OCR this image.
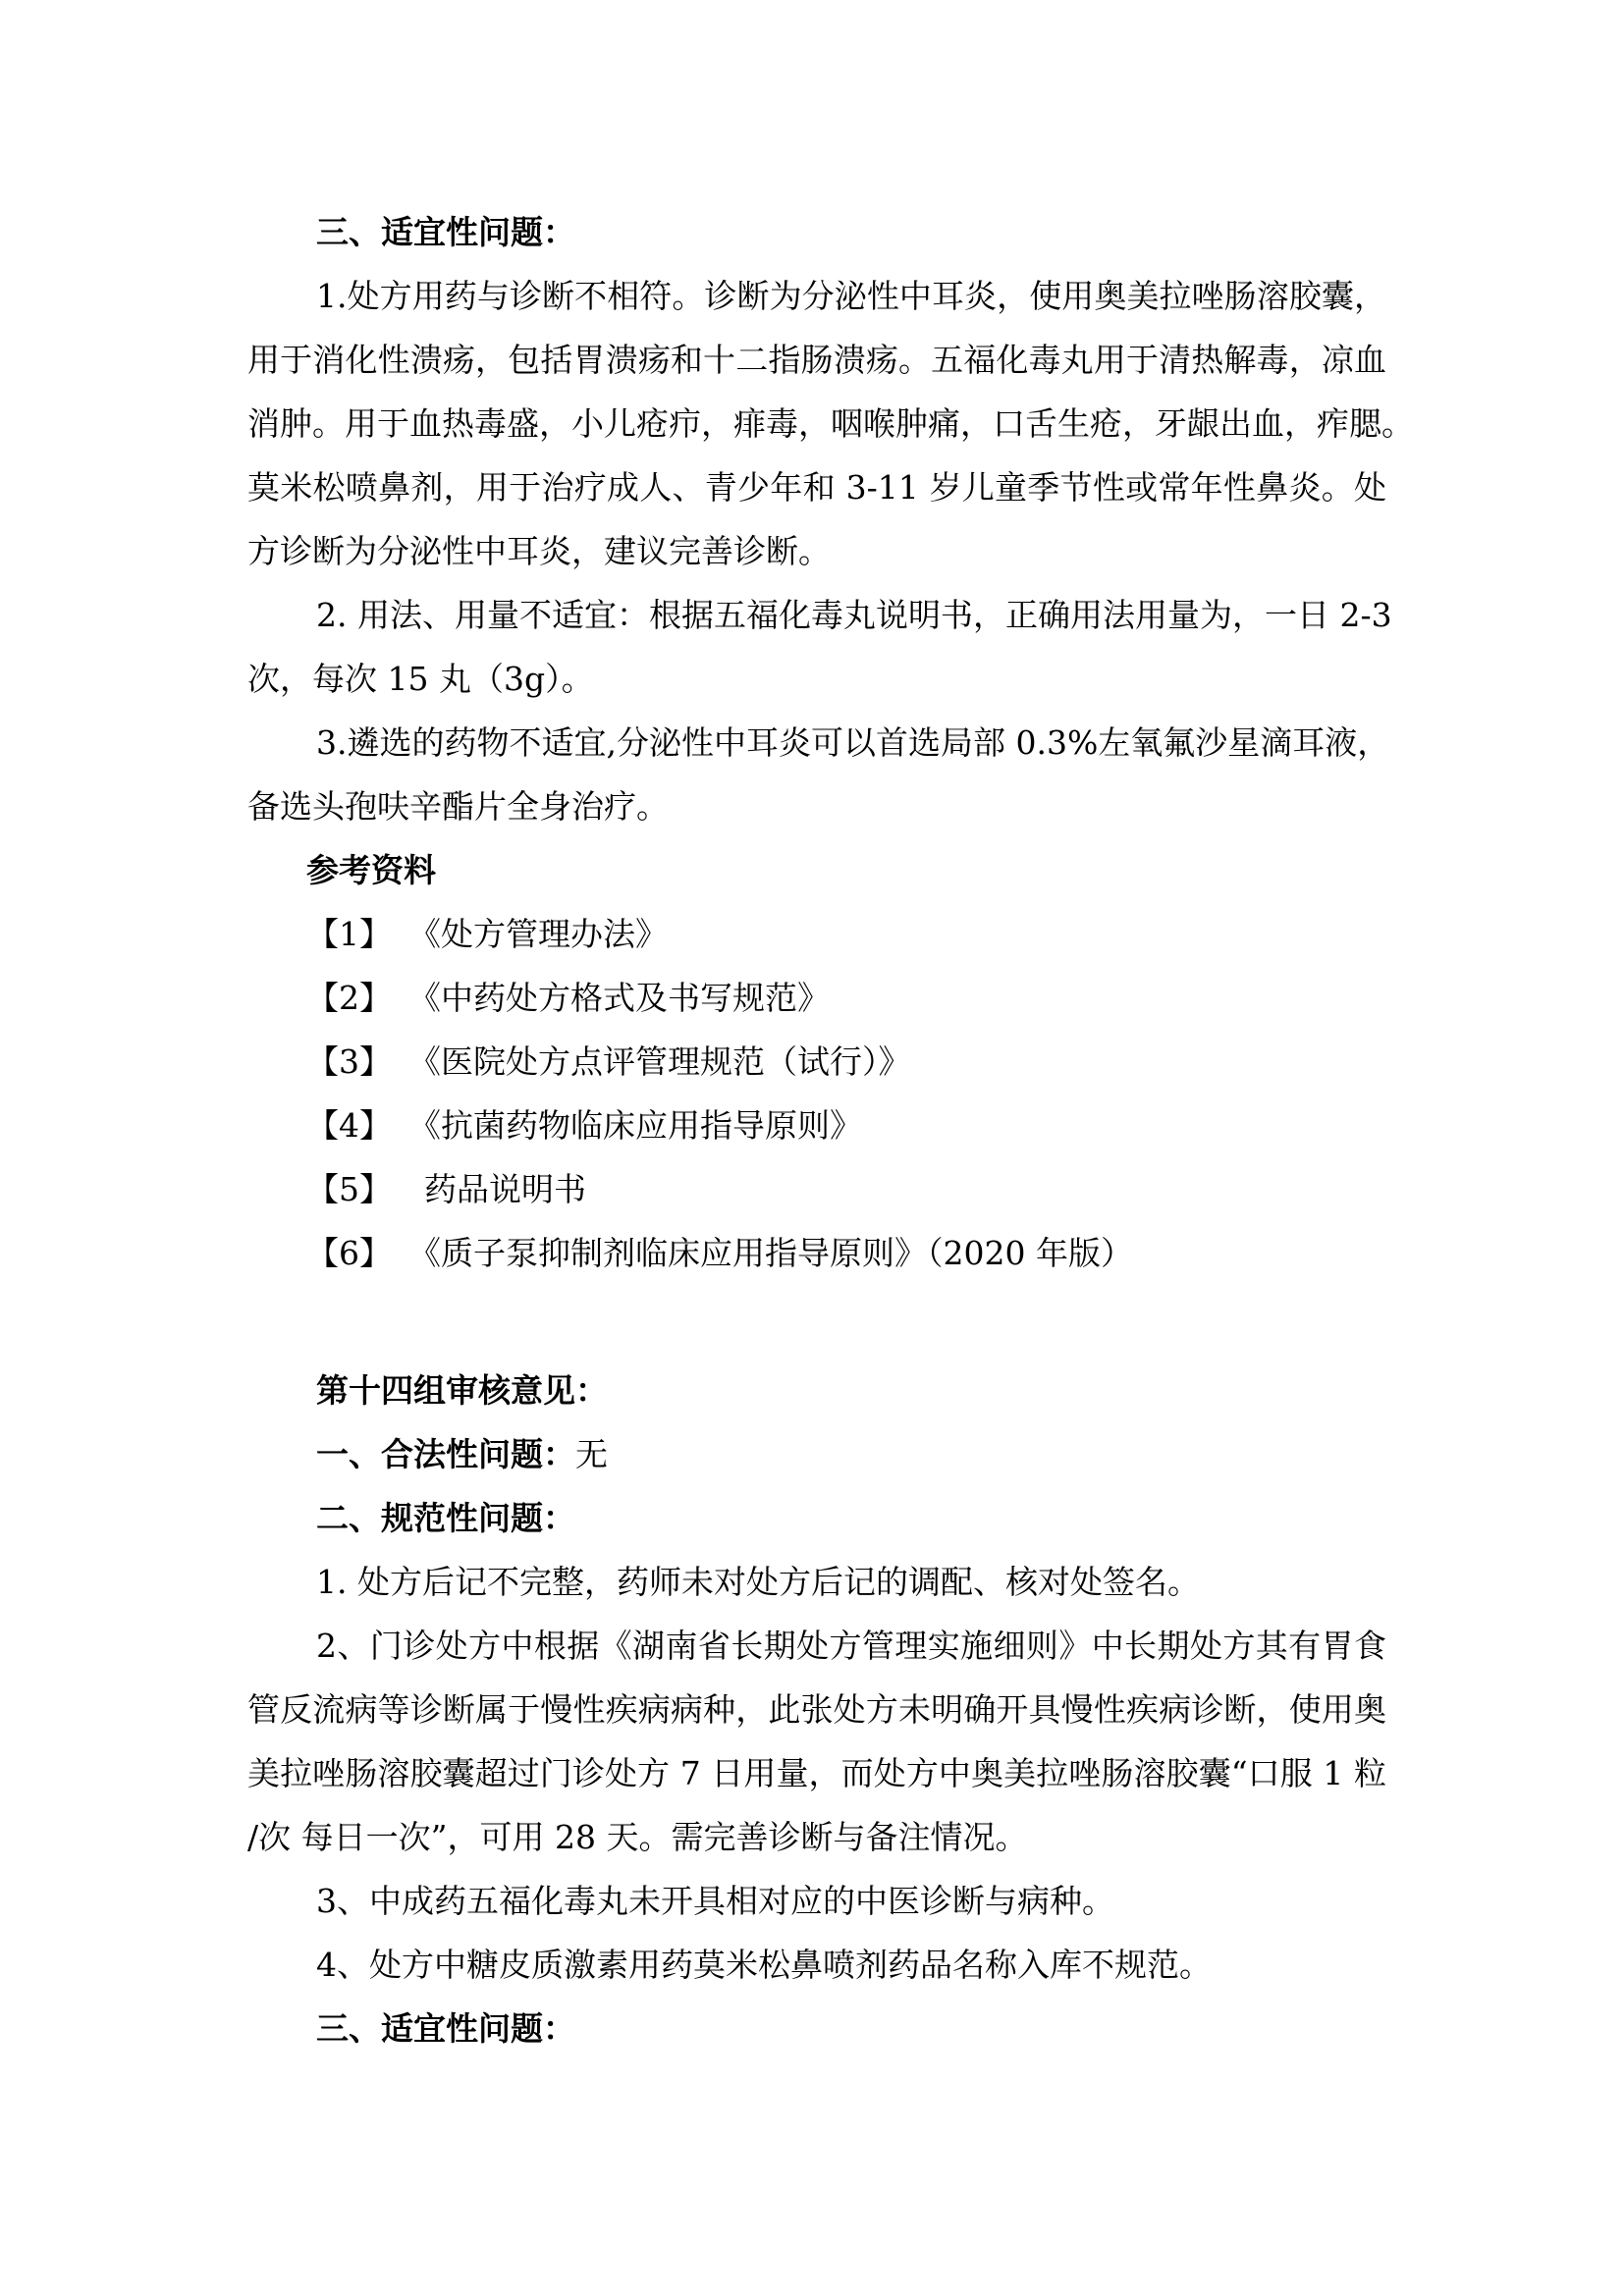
三、适宜性问题：
1.处方用药与诊断不相符。诊断为分泌性中耳炎，使用奥美拉唑肠溶胶囊，
用于消化性溃疡，包括胃溃疡和十二指肠溃疡。五福化毒丸用于清热解毒，凉血
消肿。用于血热毒盛，小儿疮疖，痱毒，咽喉肿痛，口舌生疮，牙龈出血，痄腮。
莫米松喷鼻剂，用于治疗成人、青少年和 3-11 岁儿童季节性或常年性鼻炎。处
方诊断为分泌性中耳炎，建议完善诊断。
2. 用法、用量不适宜：根据五福化毒丸说明书，正确用法用量为，一日 2-3
次，每次 15 丸（3g）。
3.遴选的药物不适宜,分泌性中耳炎可以首选局部 0.3%左氧氟沙星滴耳液，
备选头孢呋辛酯片全身治疗。
参考资料
【1】 《处方管理办法》
【2】 《中药处方格式及书写规范》
【3】 《医院处方点评管理规范（试行）》
【4】 《抗菌药物临床应用指导原则》
【5】 药品说明书
【6】 《质子泵抑制剂临床应用指导原则》（2020 年版）
第十四组审核意见：
一、合法性问题：无
二、规范性问题：
1. 处方后记不完整，药师未对处方后记的调配、核对处签名。
2、门诊处方中根据《湖南省长期处方管理实施细则》中长期处方其有胃食
管反流病等诊断属于慢性疾病病种，此张处方未明确开具慢性疾病诊断，使用奥
美拉唑肠溶胶囊超过门诊处方 7 日用量，而处方中奥美拉唑肠溶胶囊“口服 1 粒
/次 每日一次”，可用 28 天。需完善诊断与备注情况。
3、中成药五福化毒丸未开具相对应的中医诊断与病种。
4、处方中糖皮质激素用药莫米松鼻喷剂药品名称入库不规范。
三、适宜性问题：
